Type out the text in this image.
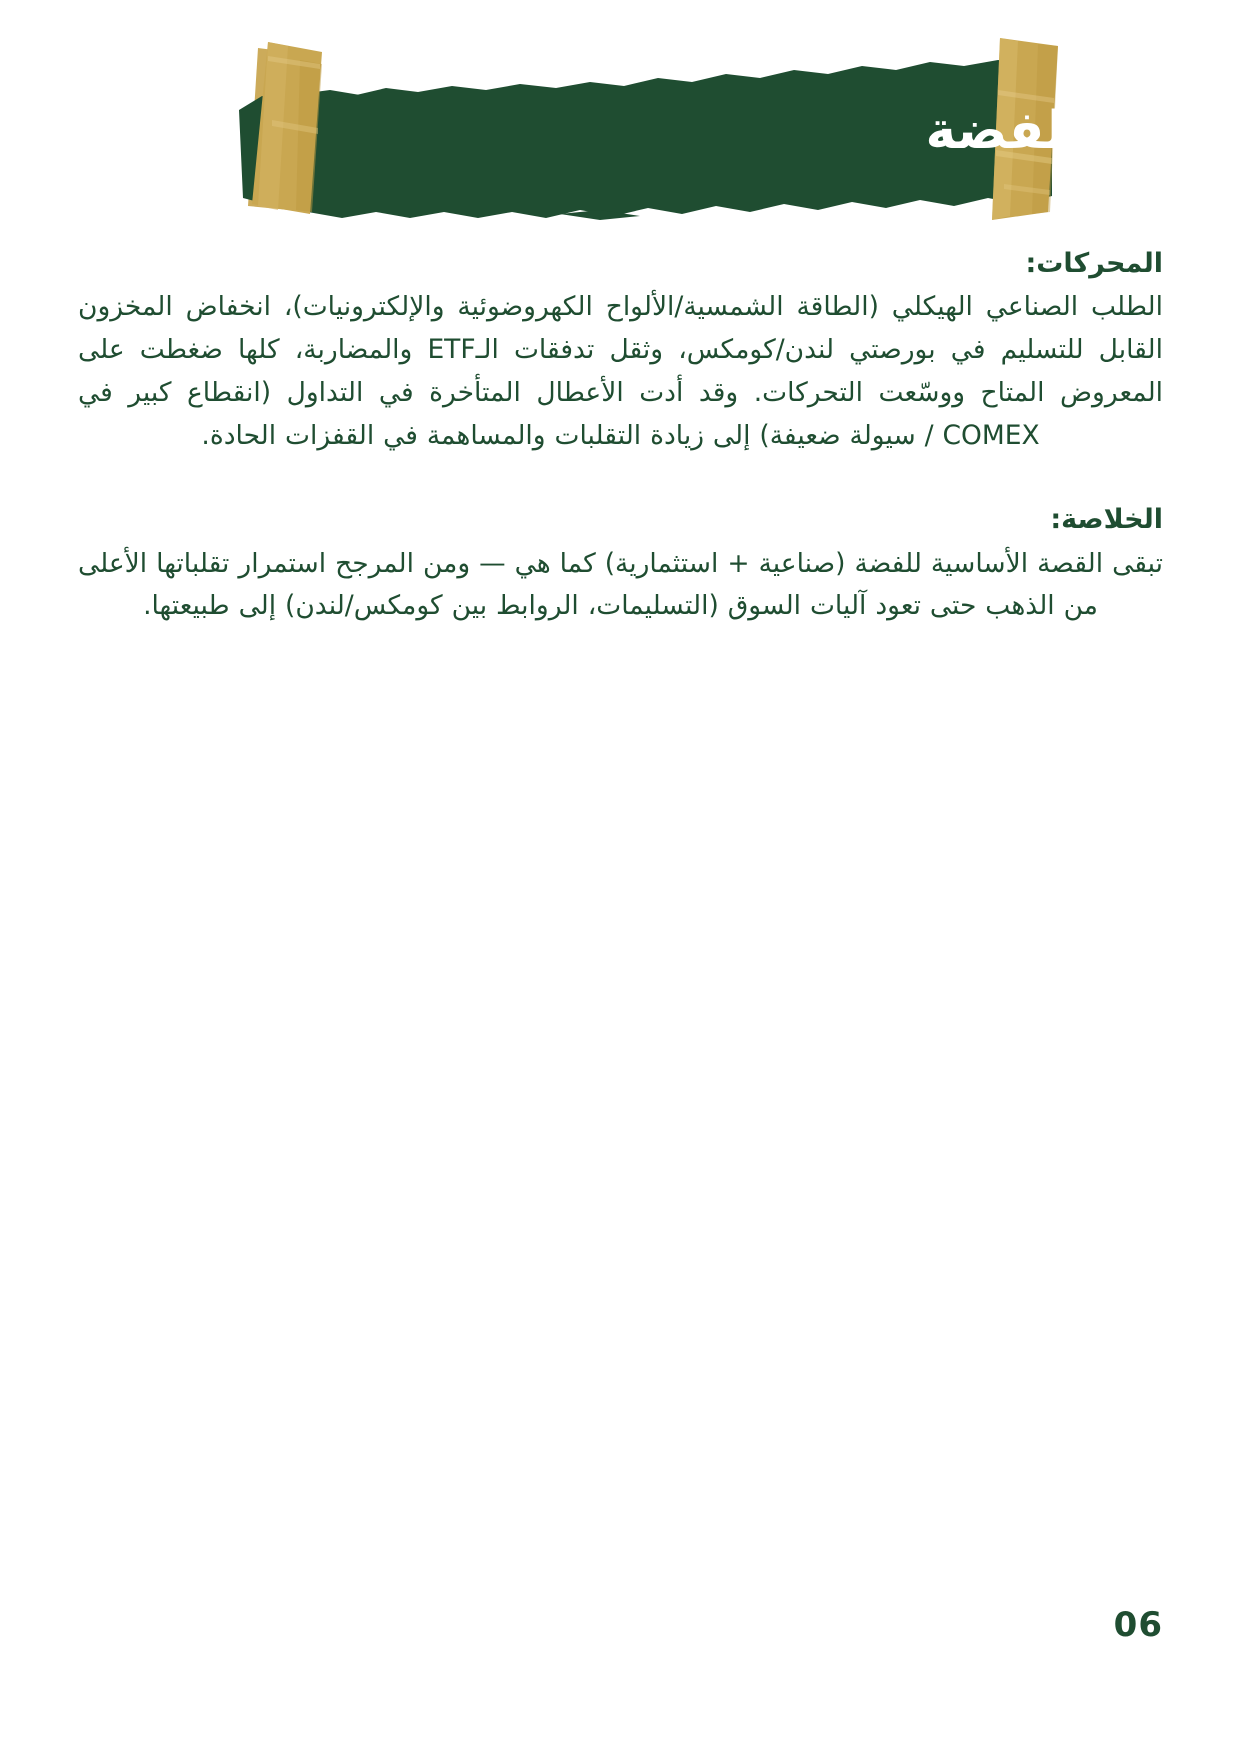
الفضة
المحركات:

الطلب الصناعي الهيكلي (الطاقة الشمسية/الألواح الكهروضوئية والإلكترونيات)، انخفاض المخزون القابل للتسليم في بورصتي لندن/كومكس، وثقل تدفقات الـETF والمضاربة، كلها ضغطت على المعروض المتاح ووسّعت التحركات. وقد أدت الأعطال المتأخرة في التداول (انقطاع كبير في COMEX / سيولة ضعيفة) إلى زيادة التقلبات والمساهمة في القفزات الحادة.

الخلاصة:

تبقى القصة الأساسية للفضة (صناعية + استثمارية) كما هي — ومن المرجح استمرار تقلباتها الأعلى من الذهب حتى تعود آليات السوق (التسليمات، الروابط بين كومكس/لندن) إلى طبيعتها.

06
